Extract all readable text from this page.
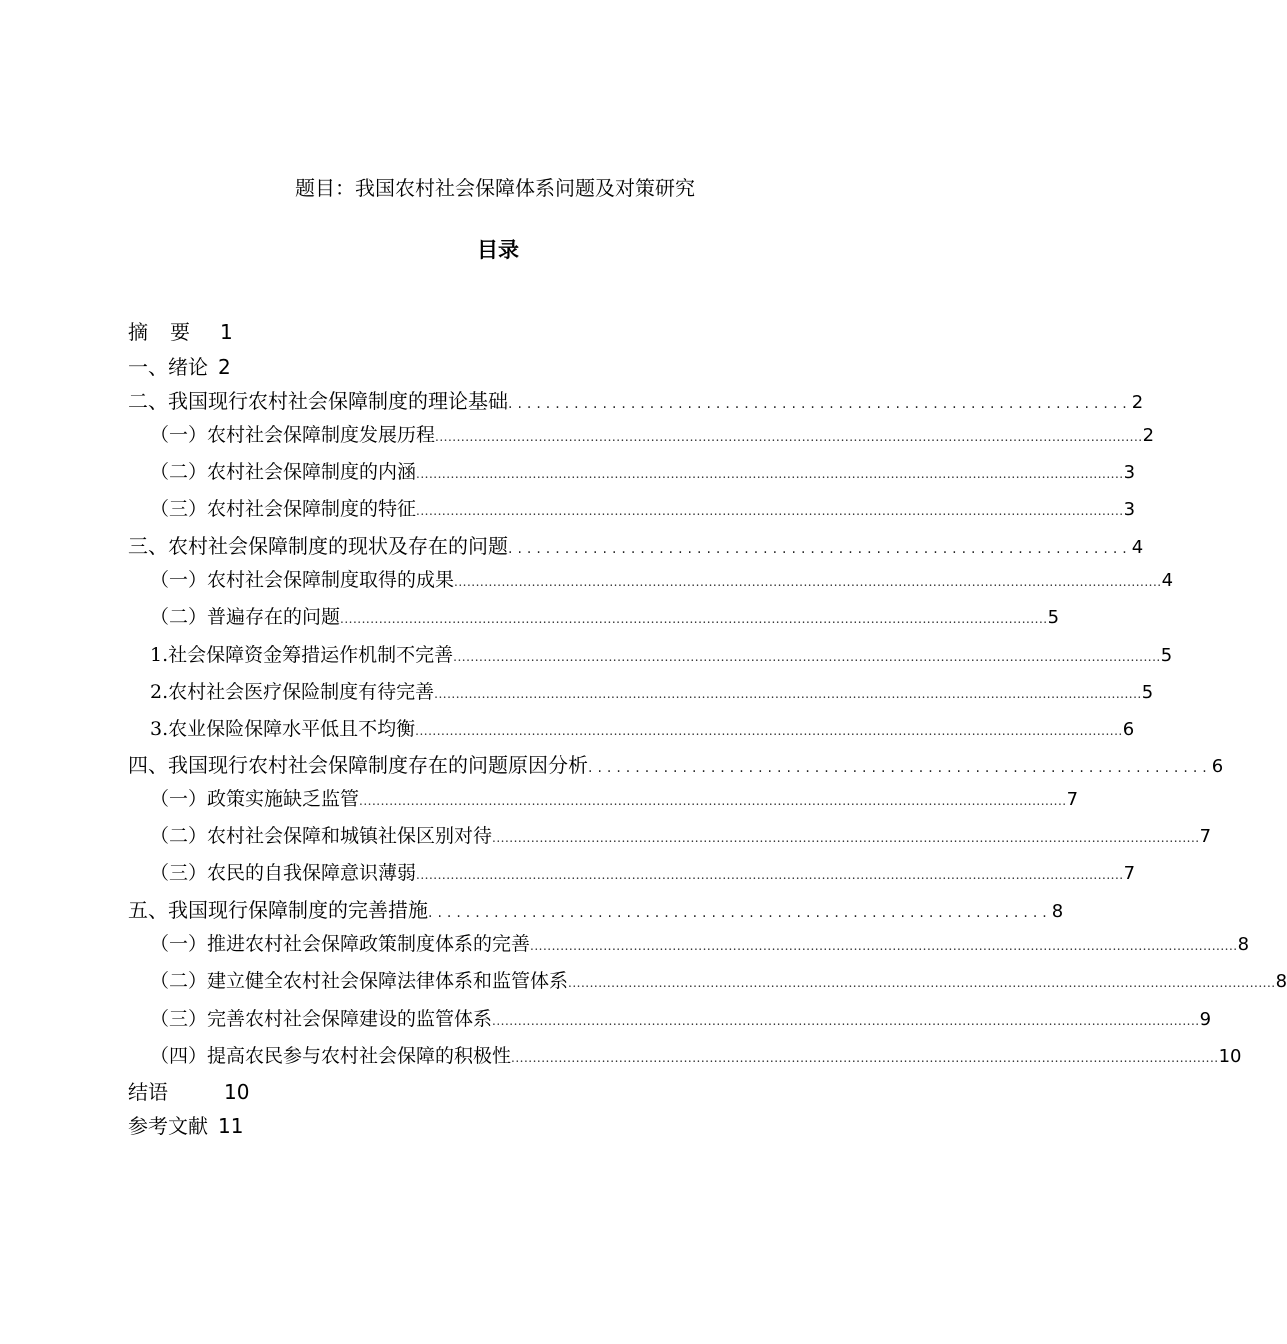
题目：我国农村社会保障体系问题及对策研究
目录
摘 要 1
一、绪论 2
二、我国现行农村社会保障制度的理论基础 .................................................................. 2
（一）农村社会保障制度发展历程 .................................................................................................................................................................... 2
（二）农村社会保障制度的内涵 .................................................................................................................................................................... 3
（三）农村社会保障制度的特征 .................................................................................................................................................................... 3
三、农村社会保障制度的现状及存在的问题 .................................................................. 4
（一）农村社会保障制度取得的成果 .................................................................................................................................................................... 4
（二）普遍存在的问题 .................................................................................................................................................................... 5
1.社会保障资金筹措运作机制不完善 .................................................................................................................................................................... 5
2.农村社会医疗保险制度有待完善 .................................................................................................................................................................... 5
3.农业保险保障水平低且不均衡 .................................................................................................................................................................... 6
四、我国现行农村社会保障制度存在的问题原因分析 .................................................................. 6
（一）政策实施缺乏监管 .................................................................................................................................................................... 7
（二）农村社会保障和城镇社保区别对待 .................................................................................................................................................................... 7
（三）农民的自我保障意识薄弱 .................................................................................................................................................................... 7
五、我国现行保障制度的完善措施 .................................................................. 8
（一）推进农村社会保障政策制度体系的完善 .................................................................................................................................................................... 8
（二）建立健全农村社会保障法律体系和监管体系 .................................................................................................................................................................... 8
（三）完善农村社会保障建设的监管体系 .................................................................................................................................................................... 9
（四）提高农民参与农村社会保障的积极性 .................................................................................................................................................................... 10
结语	10
参考文献 11
